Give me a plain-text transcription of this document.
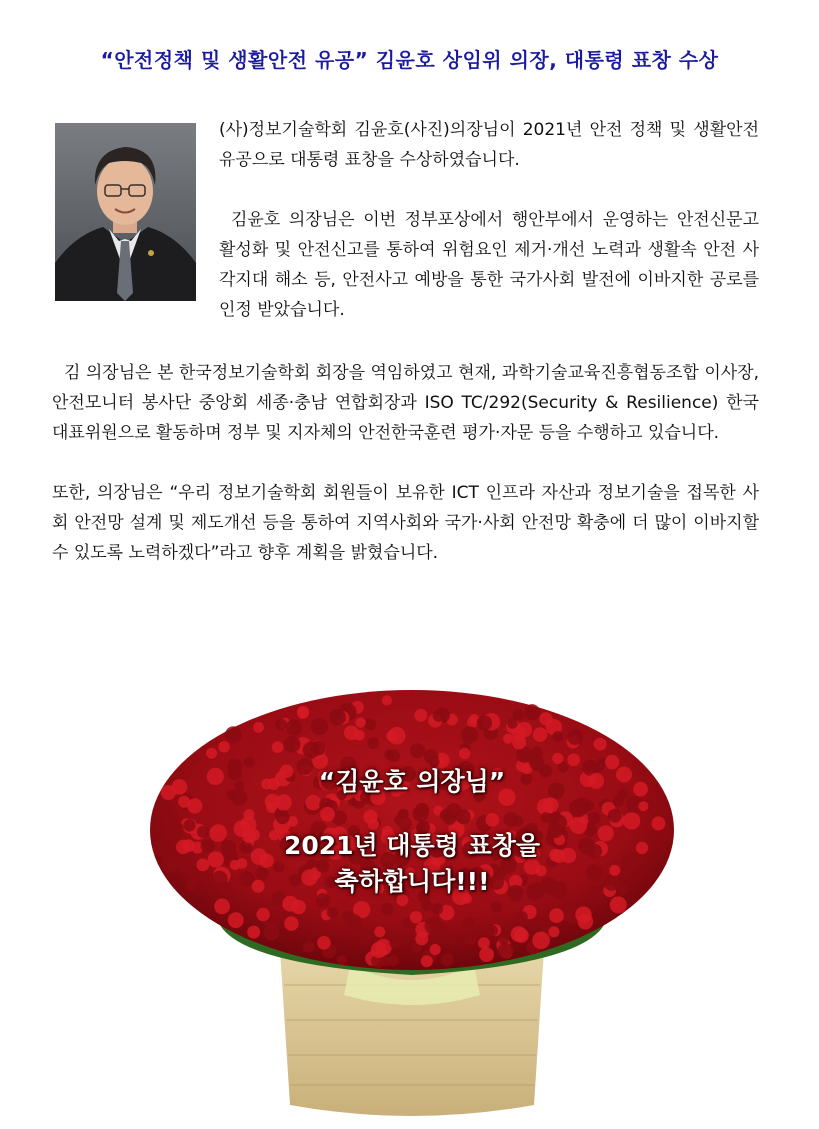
“안전정책 및 생활안전 유공” 김윤호 상임위 의장, 대통령 표창 수상

(사)정보기술학회 김윤호(사진)의장님이 2021년 안전 정책 및 생활안전 유공으로 대통령 표창을 수상하였습니다.

김윤호 의장님은 이번 정부포상에서 행안부에서 운영하는 안전신문고 활성화 및 안전신고를 통하여 위험요인 제거·개선 노력과 생활속 안전 사각지대 해소 등, 안전사고 예방을 통한 국가사회 발전에 이바지한 공로를 인정 받았습니다.

김 의장님은 본 한국정보기술학회 회장을 역임하였고 현재, 과학기술교육진흥협동조합 이사장, 안전모니터 봉사단 중앙회 세종·충남 연합회장과 ISO TC/292(Security & Resilience) 한국 대표위원으로 활동하며 정부 및 지자체의 안전한국훈련 평가·자문 등을 수행하고 있습니다.

또한, 의장님은 “우리 정보기술학회 회원들이 보유한 ICT 인프라 자산과 정보기술을 접목한 사회 안전망 설계 및 제도개선 등을 통하여 지역사회와 국가·사회 안전망 확충에 더 많이 이바지할 수 있도록 노력하겠다”라고 향후 계획을 밝혔습니다.

“김윤호 의장님”

2021년 대통령 표창을

축하합니다!!!
